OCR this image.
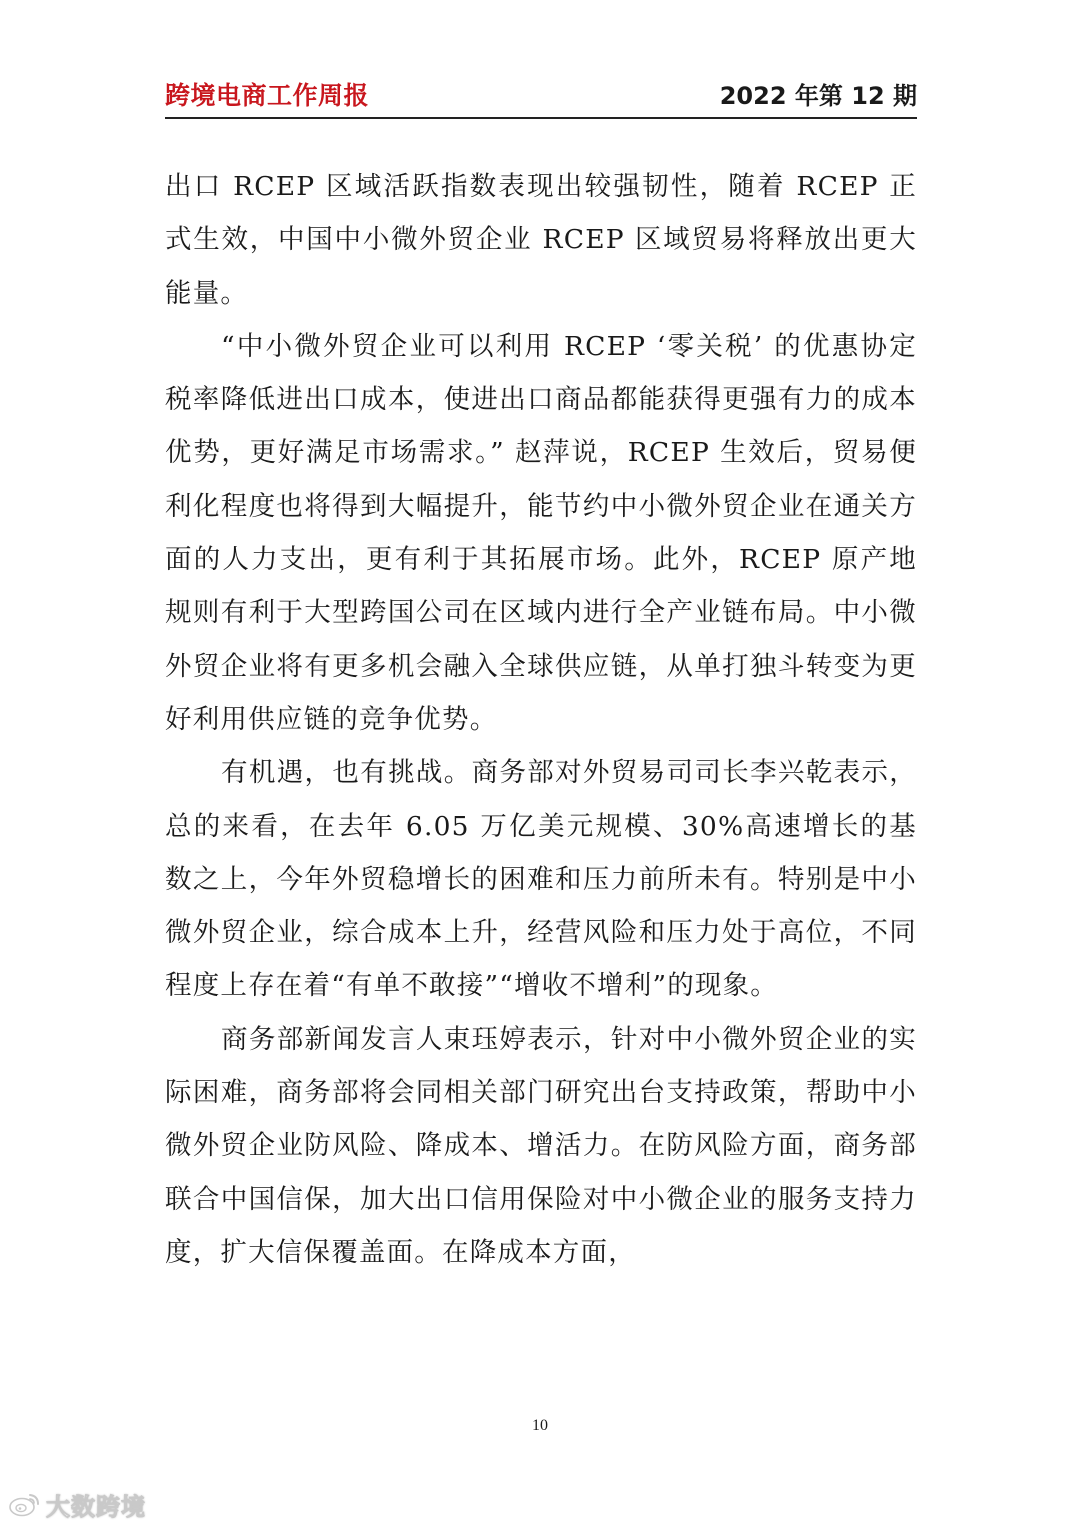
跨境电商工作周报	2022 年第 12 期

出口 RCEP 区域活跃指数表现出较强韧性，随着 RCEP 正式生效，中国中小微外贸企业 RCEP 区域贸易将释放出更大能量。

“中小微外贸企业可以利用 RCEP ‘零关税’ 的优惠协定税率降低进出口成本，使进出口商品都能获得更强有力的成本优势，更好满足市场需求。” 赵萍说，RCEP 生效后，贸易便利化程度也将得到大幅提升，能节约中小微外贸企业在通关方面的人力支出，更有利于其拓展市场。此外，RCEP 原产地规则有利于大型跨国公司在区域内进行全产业链布局。中小微外贸企业将有更多机会融入全球供应链，从单打独斗转变为更好利用供应链的竞争优势。

有机遇，也有挑战。商务部对外贸易司司长李兴乾表示，总的来看，在去年 6.05 万亿美元规模、30%高速增长的基数之上，今年外贸稳增长的困难和压力前所未有。特别是中小微外贸企业，综合成本上升，经营风险和压力处于高位，不同程度上存在着“有单不敢接”“增收不增利”的现象。

商务部新闻发言人束珏婷表示，针对中小微外贸企业的实际困难，商务部将会同相关部门研究出台支持政策，帮助中小微外贸企业防风险、降成本、增活力。在防风险方面，商务部联合中国信保，加大出口信用保险对中小微企业的服务支持力度，扩大信保覆盖面。在降成本方面，

10
大数跨境
